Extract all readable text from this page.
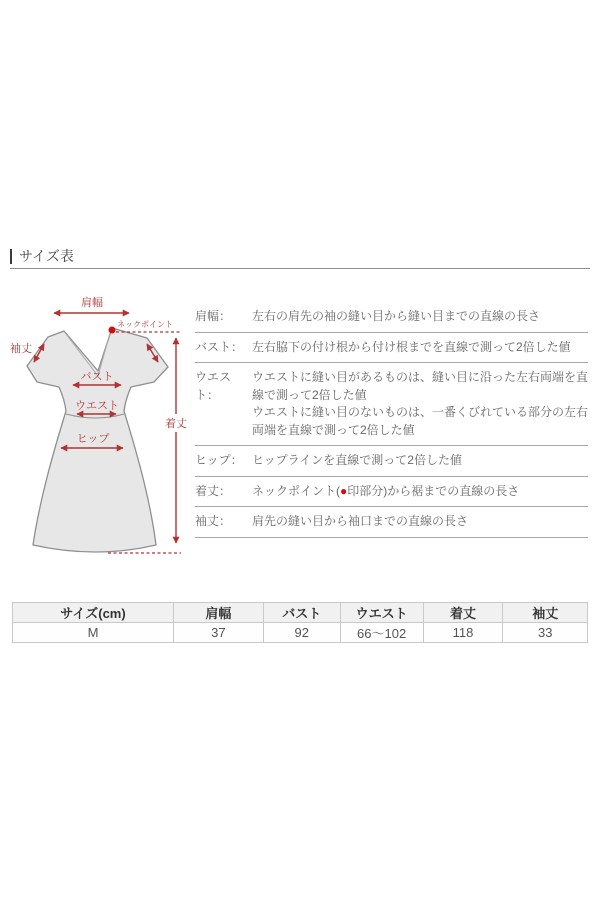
サイズ表
肩幅
ネックポイント
袖丈
バスト
ウエスト
ヒップ
着丈
肩幅：	左右の肩先の袖の縫い目から縫い目までの直線の長さ

バスト： 左右脇下の付け根から付け根までを直線で測って2倍した値

ウエスト：

ウエストに縫い目があるものは、縫い目に沿った左右両端を直線で測って2倍した値

ウエストに縫い目のないものは、一番くびれている部分の左右両端を直線で測って2倍した値

ヒップ： ヒップラインを直線で測って2倍した値

着丈：	ネックポイント(●印部分)から裾までの直線の長さ

袖丈：	肩先の縫い目から袖口までの直線の長さ

サイズ(cm)	肩幅	バスト	ウエスト	着丈	袖丈
M	37	92	66〜102	118	33
